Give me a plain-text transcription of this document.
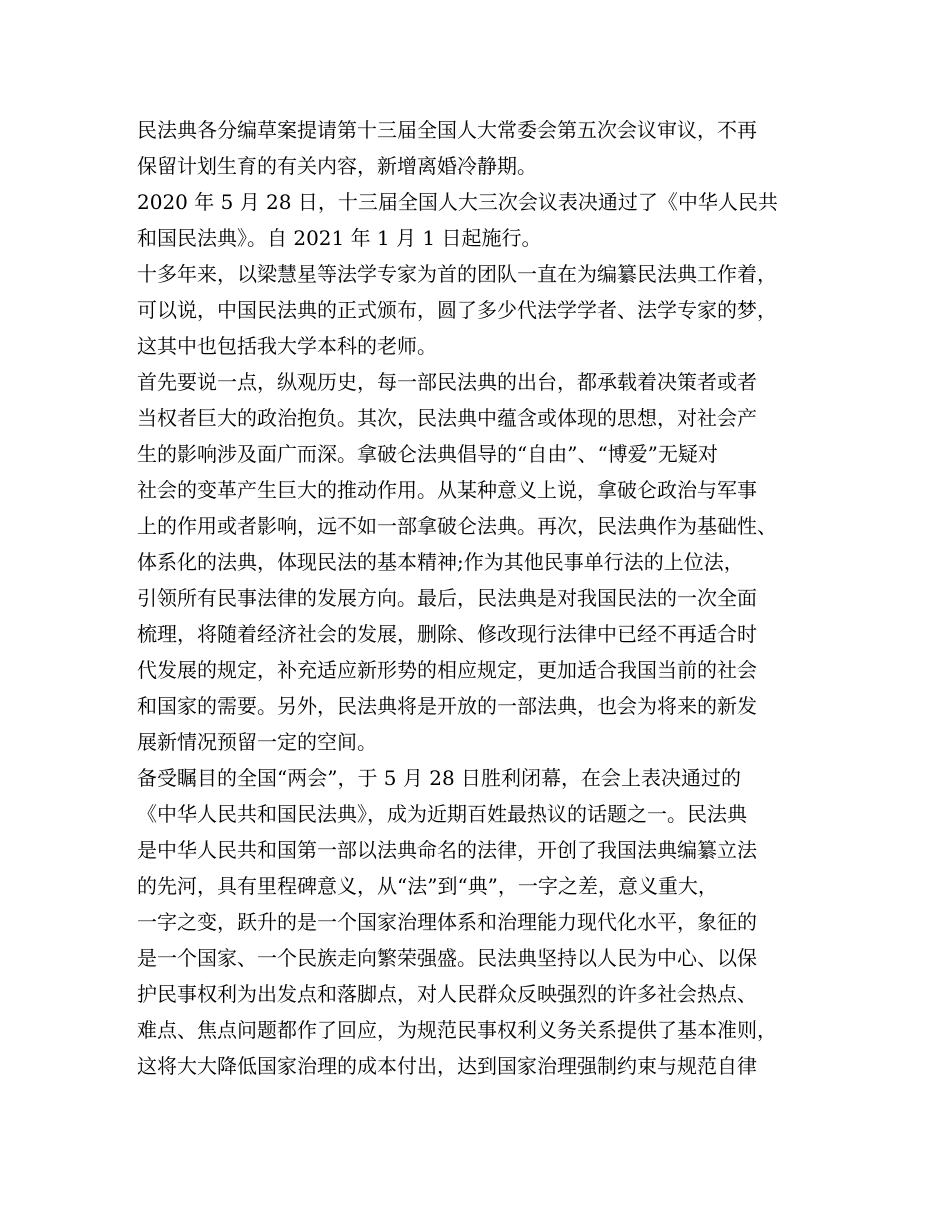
民法典各分编草案提请第十三届全国人大常委会第五次会议审议，不再
保留计划生育的有关内容，新增离婚冷静期。
2020 年 5 月 28 日，十三届全国人大三次会议表决通过了《中华人民共
和国民法典》。自 2021 年 1 月 1 日起施行。
十多年来，以梁慧星等法学专家为首的团队一直在为编纂民法典工作着，
可以说，中国民法典的正式颁布，圆了多少代法学学者、法学专家的梦，
这其中也包括我大学本科的老师。
首先要说一点，纵观历史，每一部民法典的出台，都承载着决策者或者
当权者巨大的政治抱负。其次，民法典中蕴含或体现的思想，对社会产
生的影响涉及面广而深。拿破仑法典倡导的“自由”、“博爱”无疑对
社会的变革产生巨大的推动作用。从某种意义上说，拿破仑政治与军事
上的作用或者影响，远不如一部拿破仑法典。再次，民法典作为基础性、
体系化的法典，体现民法的基本精神;作为其他民事单行法的上位法，
引领所有民事法律的发展方向。最后，民法典是对我国民法的一次全面
梳理，将随着经济社会的发展，删除、修改现行法律中已经不再适合时
代发展的规定，补充适应新形势的相应规定，更加适合我国当前的社会
和国家的需要。另外，民法典将是开放的一部法典，也会为将来的新发
展新情况预留一定的空间。
备受瞩目的全国“两会”，于 5 月 28 日胜利闭幕，在会上表决通过的
《中华人民共和国民法典》，成为近期百姓最热议的话题之一。民法典
是中华人民共和国第一部以法典命名的法律，开创了我国法典编纂立法
的先河，具有里程碑意义，从“法”到“典”，一字之差，意义重大，
一字之变，跃升的是一个国家治理体系和治理能力现代化水平，象征的
是一个国家、一个民族走向繁荣强盛。民法典坚持以人民为中心、以保
护民事权利为出发点和落脚点，对人民群众反映强烈的许多社会热点、
难点、焦点问题都作了回应，为规范民事权利义务关系提供了基本准则，
这将大大降低国家治理的成本付出，达到国家治理强制约束与规范自律
